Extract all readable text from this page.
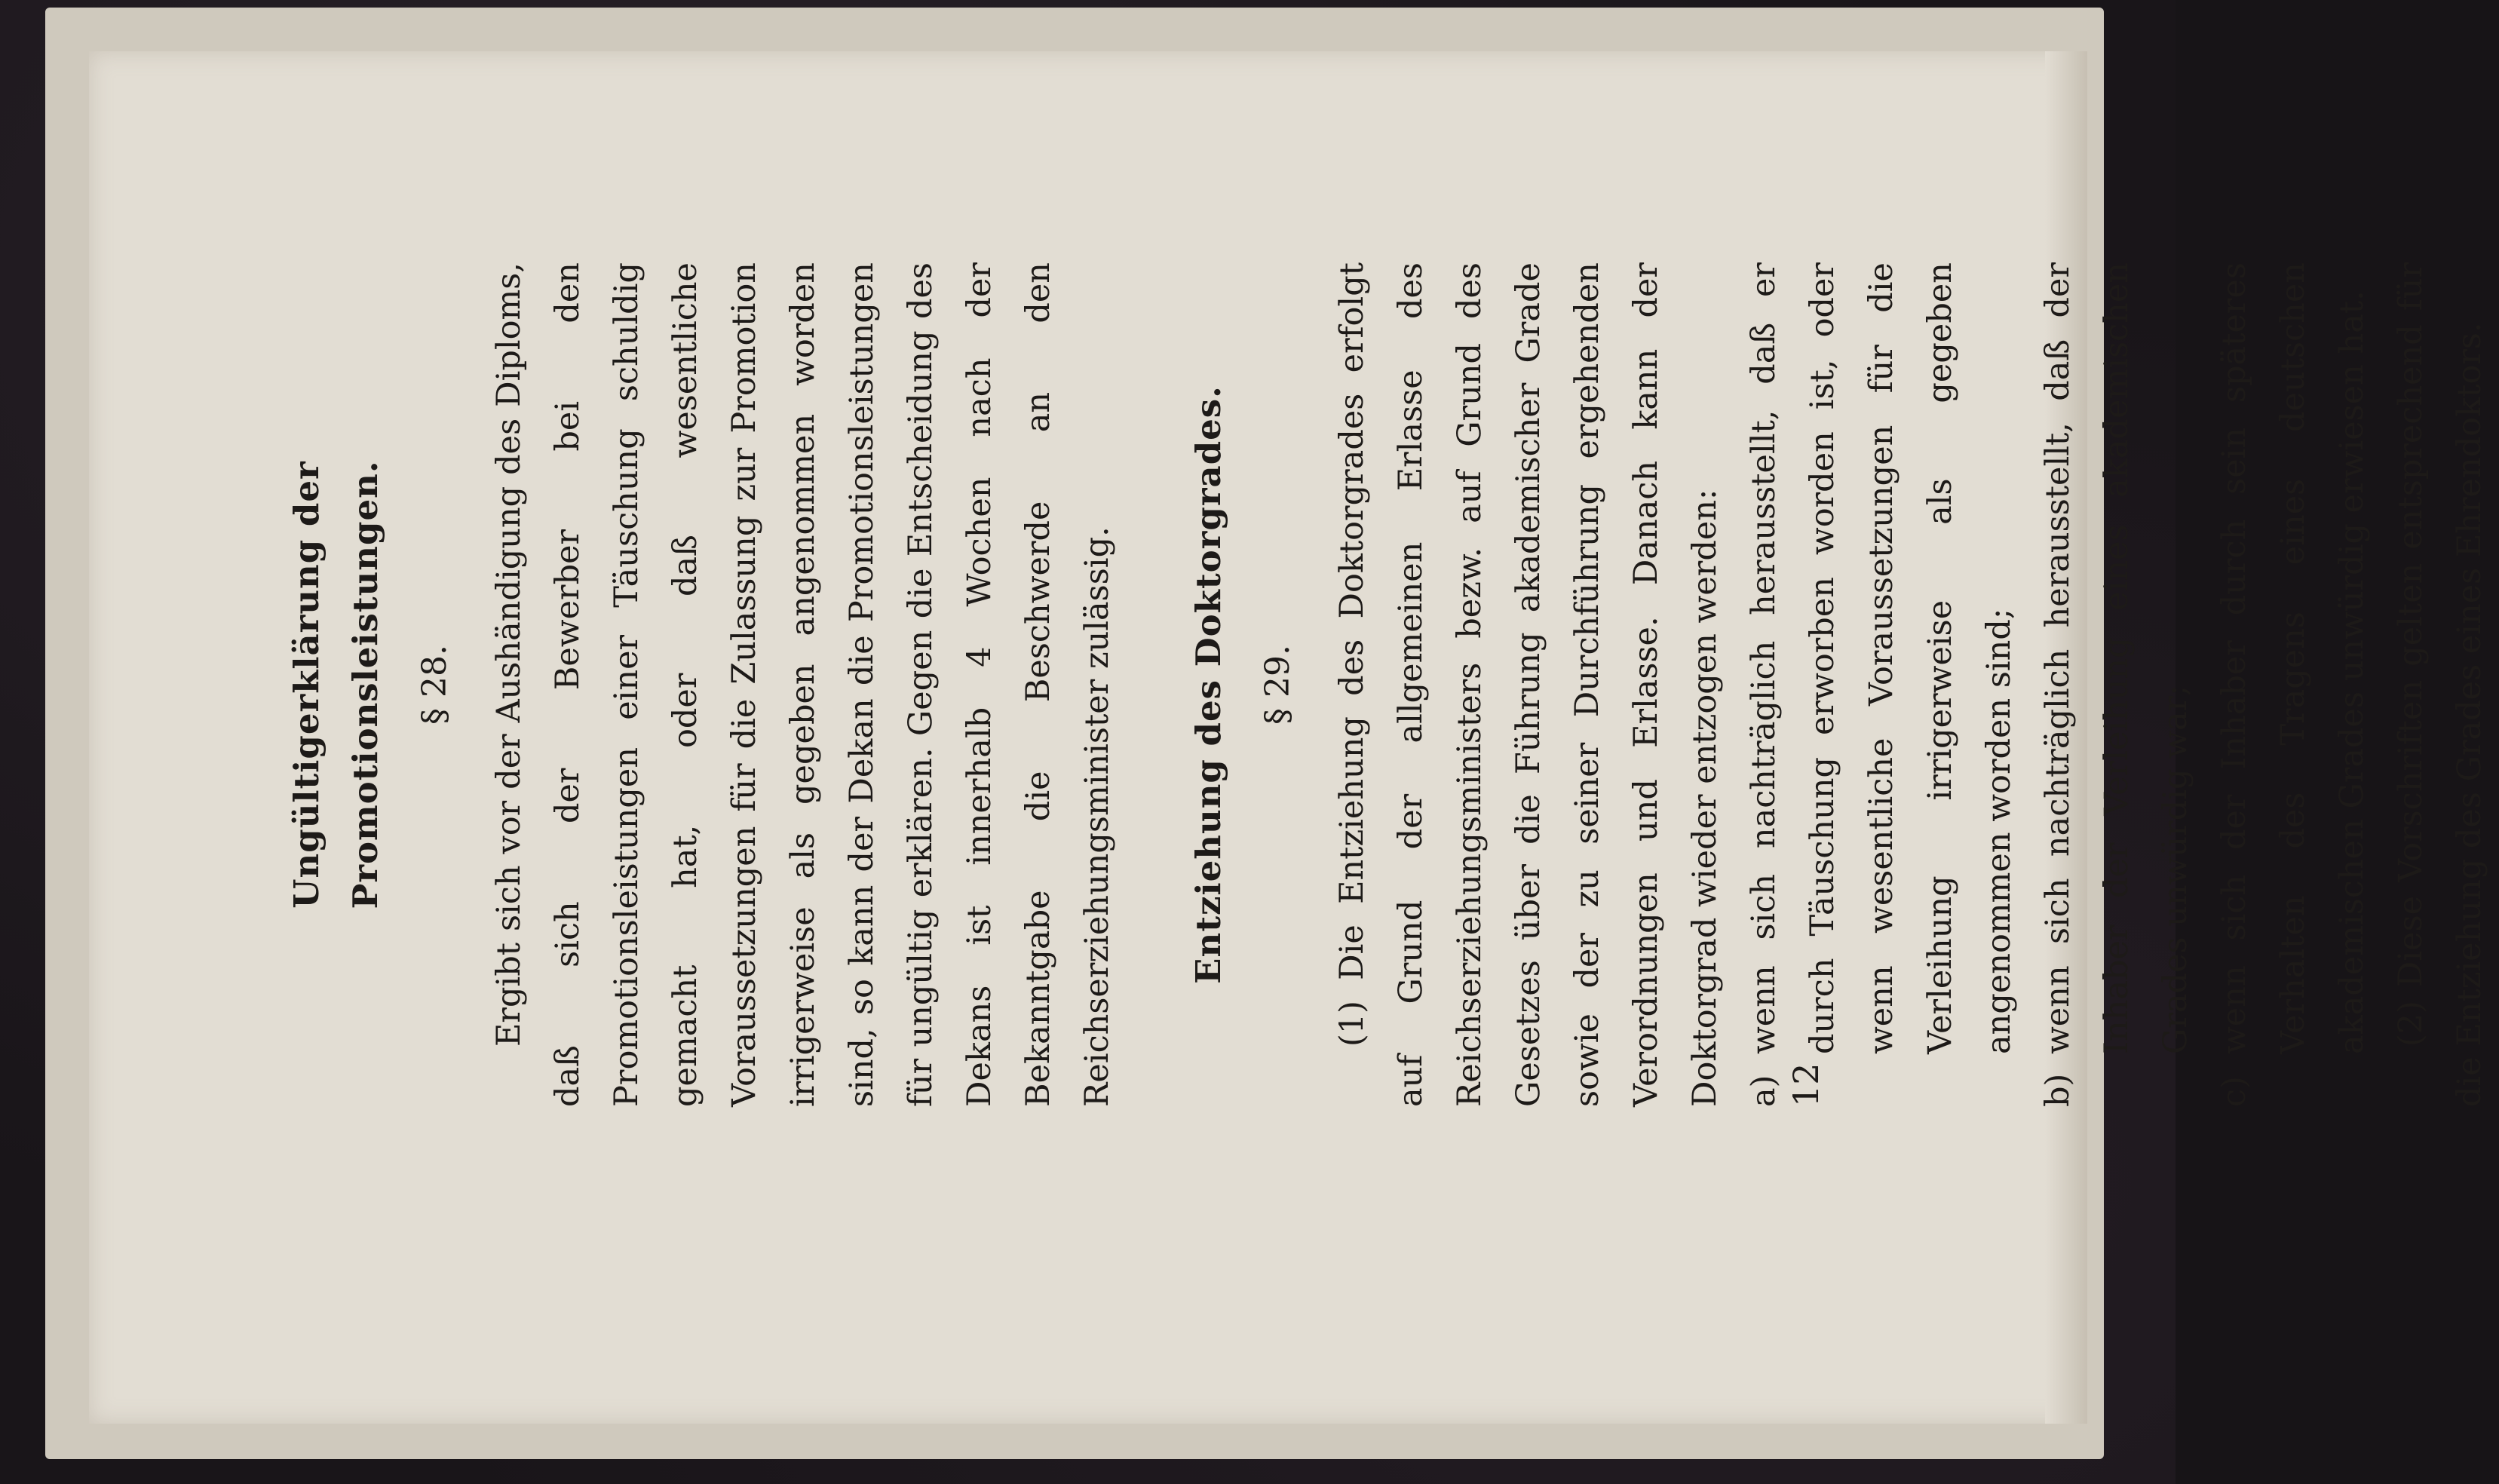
Ungültigerklärung der Promotionsleistungen. § 28.	Ergibt sich vor der Aushändigung des Diploms, daß sich der Bewerber bei den Promotionsleistungen einer Täuschung schuldig gemacht hat, oder daß wesentliche Voraussetzungen für die Zulassung zur Promotion irrigerweise als gegeben angenommen worden sind, so kann der Dekan die Promotionsleistungen für ungültig erklären. Gegen die Entscheidung des Dekans ist innerhalb 4 Wochen nach der Bekanntgabe die Beschwerde an den Reichserziehungsminister zulässig.	Entziehung des Doktorgrades. § 29.	(1) Die Entziehung des Doktorgrades erfolgt auf Grund der allgemeinen Erlasse des Reichserziehungsministers bezw. auf Grund des Gesetzes über die Führung akademischer Grade sowie der zu seiner Durchführung ergehenden Verordnungen und Erlasse. Danach kann der Doktorgrad wieder entzogen werden: a)
wenn sich nachträglich herausstellt, daß er durch Täuschung erworben worden ist, oder wenn wesentliche Voraussetzungen für die Verleihung irrigerweise als gegeben angenommen worden sind;
b)
wenn sich nachträglich herausstellt, daß der Inhaber der Verleihung eines akademischen Grades unwürdig war;
c)
wenn sich der Inhaber durch sein späteres Verhalten des Tragens eines deutschen akademischen Grades unwürdig erwiesen hat. (2) Diese Vorschriften gelten entsprechend für die Entziehung des Grades eines Ehrendoktors.

12
